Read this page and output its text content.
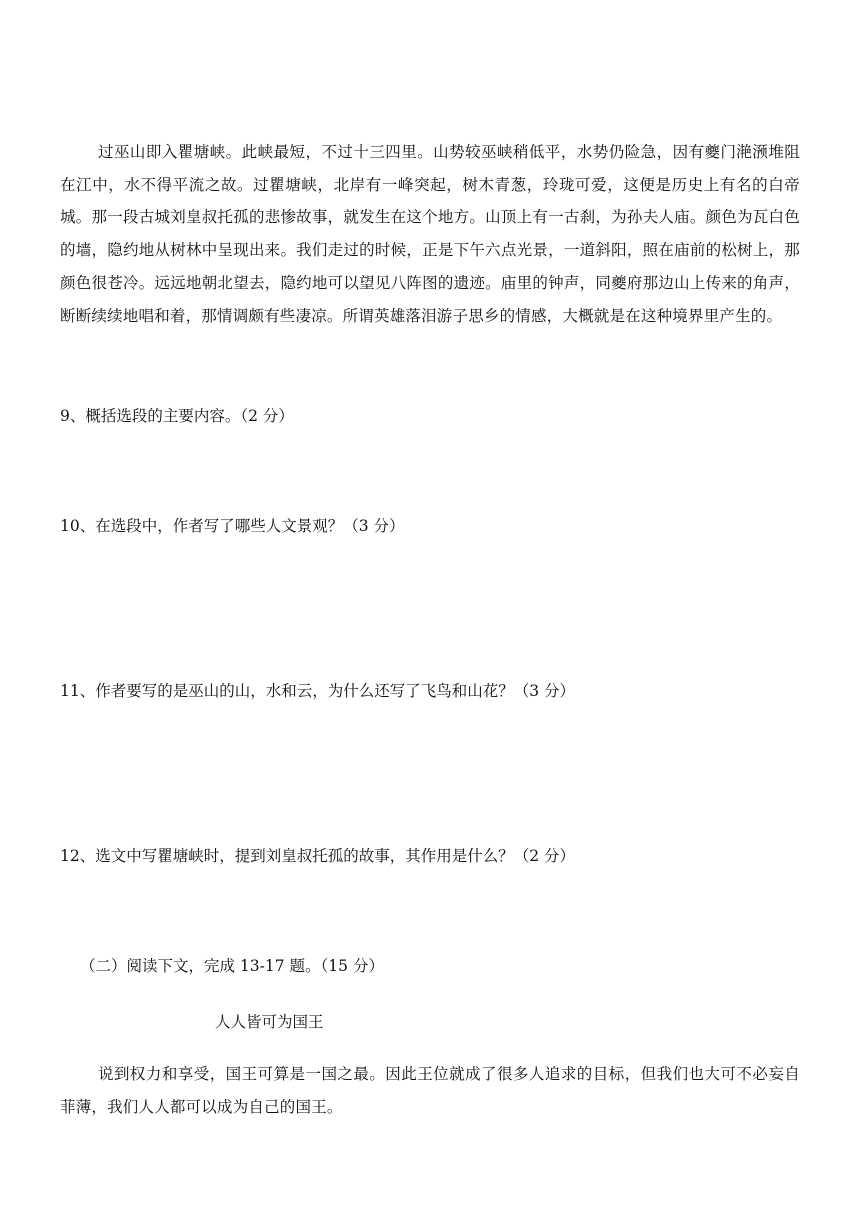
过巫山即入瞿塘峡。此峡最短，不过十三四里。山势较巫峡稍低平，水势仍险急，因有夔门滟滪堆阻在江中，水不得平流之故。过瞿塘峡，北岸有一峰突起，树木青葱，玲珑可爱，这便是历史上有名的白帝城。那一段古城刘皇叔托孤的悲惨故事，就发生在这个地方。山顶上有一古刹，为孙夫人庙。颜色为瓦白色的墙，隐约地从树林中呈现出来。我们走过的时候，正是下午六点光景，一道斜阳，照在庙前的松树上，那颜色很苍冷。远远地朝北望去，隐约地可以望见八阵图的遗迹。庙里的钟声，同夔府那边山上传来的角声，断断续续地唱和着，那情调颇有些凄凉。所谓英雄落泪游子思乡的情感，大概就是在这种境界里产生的。

9、概括选段的主要内容。（2 分）
10、在选段中，作者写了哪些人文景观？（3 分）
11、作者要写的是巫山的山，水和云，为什么还写了飞鸟和山花？（3 分）
12、选文中写瞿塘峡时，提到刘皇叔托孤的故事，其作用是什么？（2 分）
（二）阅读下文，完成 13-17 题。（15 分）
人人皆可为国王

说到权力和享受，国王可算是一国之最。因此王位就成了很多人追求的目标，但我们也大可不必妄自菲薄，我们人人都可以成为自己的国王。
